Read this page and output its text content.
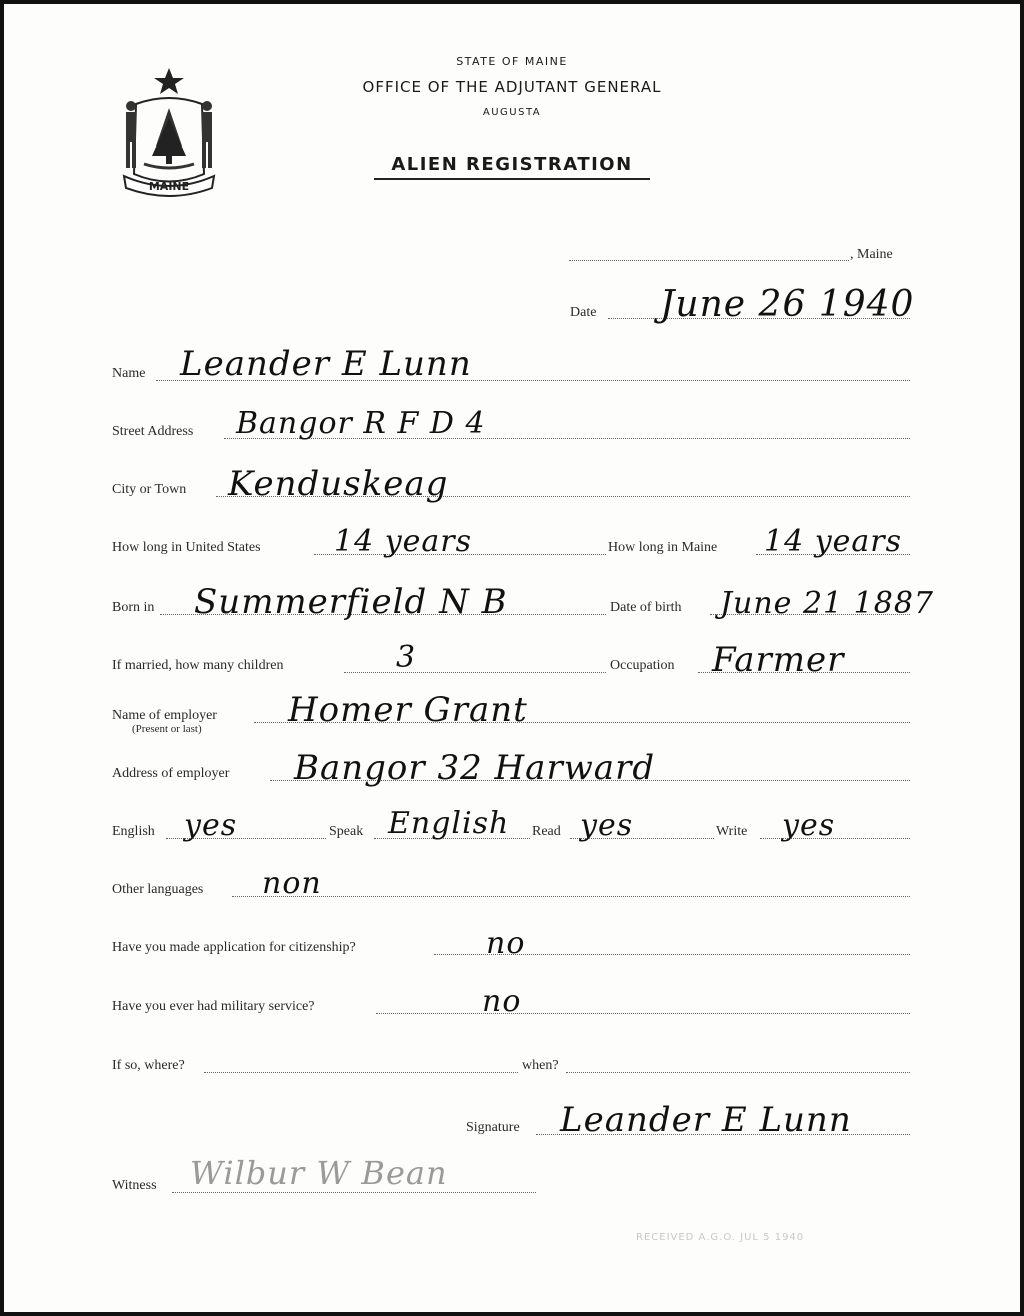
MAINE
STATE OF MAINE
OFFICE OF THE ADJUTANT GENERAL
AUGUSTA
ALIEN REGISTRATION
, Maine
Date June 26 1940
Name Leander E Lunn
Street Address Bangor R F D 4
City or Town Kenduskeag
How long in United States 14 years	How long in Maine 14 years
Born in Summerfield N B	Date of birth June 21 1887
If married, how many children	3	Occupation Farmer
Name of employer
(Present or last)	Homer Grant
Address of employer Bangor 32 Harward
English yes	Speak English Read yes	Write yes
Other languages non
Have you made application for citizenship?	no
Have you ever had military service?	no
If so, where?	when?
Signature Leander E Lunn
Witness Wilbur W Bean
RECEIVED A.G.O. JUL 5 1940
